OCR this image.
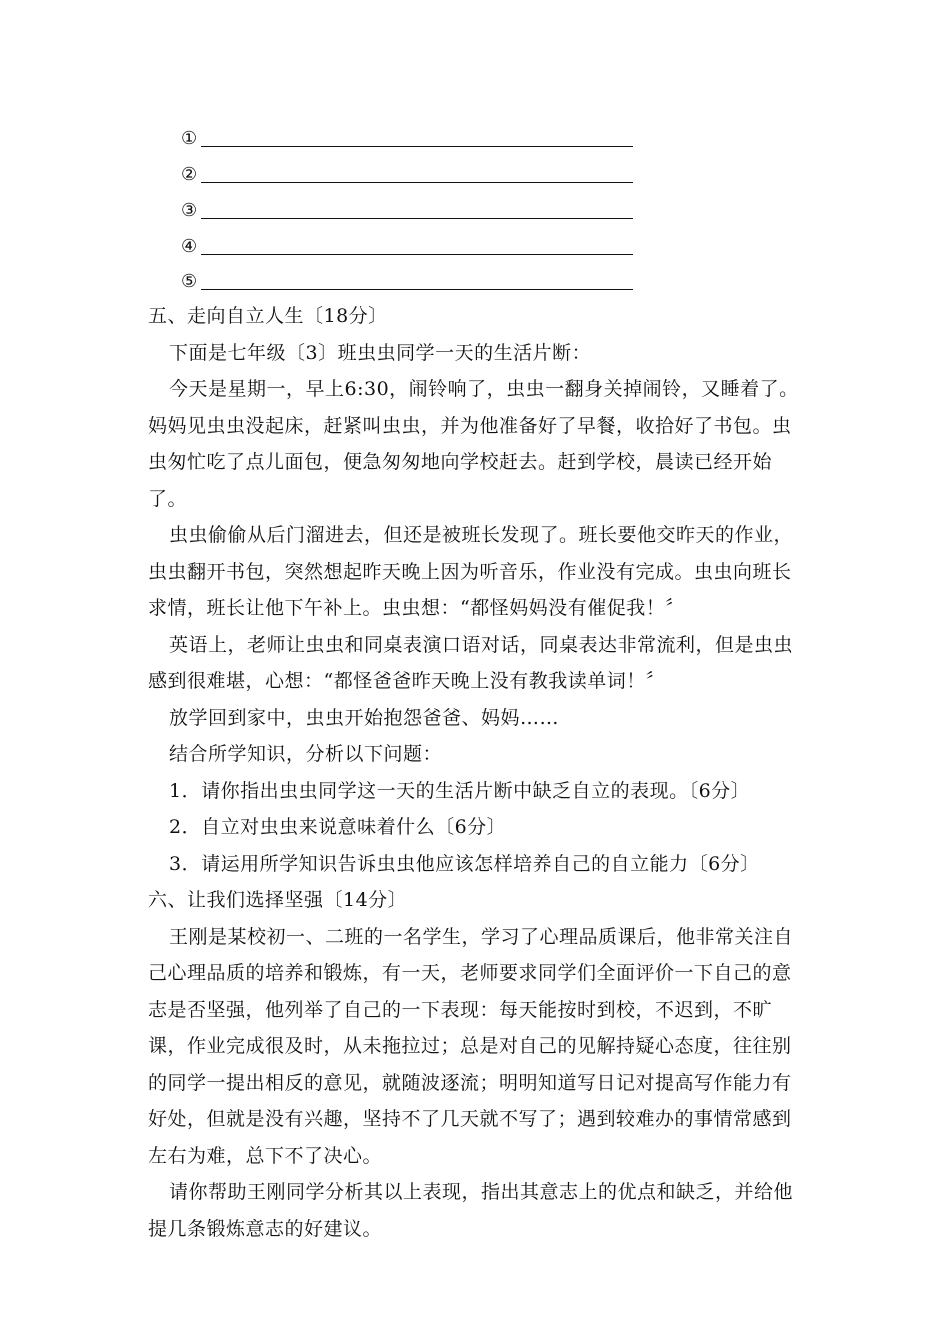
①
②
③
④
⑤

五、走向自立人生〔18分〕

下面是七年级〔3〕班虫虫同学一天的生活片断：

今天是星期一，早上6:30，闹铃响了，虫虫一翻身关掉闹铃，又睡着了。妈妈见虫虫没起床，赶紧叫虫虫，并为他准备好了早餐，收拾好了书包。虫虫匆忙吃了点儿面包，便急匆匆地向学校赶去。赶到学校，晨读已经开始了。

虫虫偷偷从后门溜进去，但还是被班长发现了。班长要他交昨天的作业，虫虫翻开书包，突然想起昨天晚上因为听音乐，作业没有完成。虫虫向班长求情，班长让他下午补上。虫虫想：“都怪妈妈没有催促我！〞

英语上，老师让虫虫和同桌表演口语对话，同桌表达非常流利，但是虫虫感到很难堪，心想：“都怪爸爸昨天晚上没有教我读单词！〞

放学回到家中，虫虫开始抱怨爸爸、妈妈……

结合所学知识，分析以下问题：

1．请你指出虫虫同学这一天的生活片断中缺乏自立的表现。〔6分〕

2．自立对虫虫来说意味着什么〔6分〕

3．请运用所学知识告诉虫虫他应该怎样培养自己的自立能力〔6分〕

六、让我们选择坚强〔14分〕

王刚是某校初一、二班的一名学生，学习了心理品质课后，他非常关注自己心理品质的培养和锻炼，有一天，老师要求同学们全面评价一下自己的意志是否坚强，他列举了自己的一下表现：每天能按时到校，不迟到，不旷课，作业完成很及时，从未拖拉过；总是对自己的见解持疑心态度，往往别的同学一提出相反的意见，就随波逐流；明明知道写日记对提高写作能力有好处，但就是没有兴趣，坚持不了几天就不写了；遇到较难办的事情常感到左右为难，总下不了决心。

请你帮助王刚同学分析其以上表现，指出其意志上的优点和缺乏，并给他提几条锻炼意志的好建议。
